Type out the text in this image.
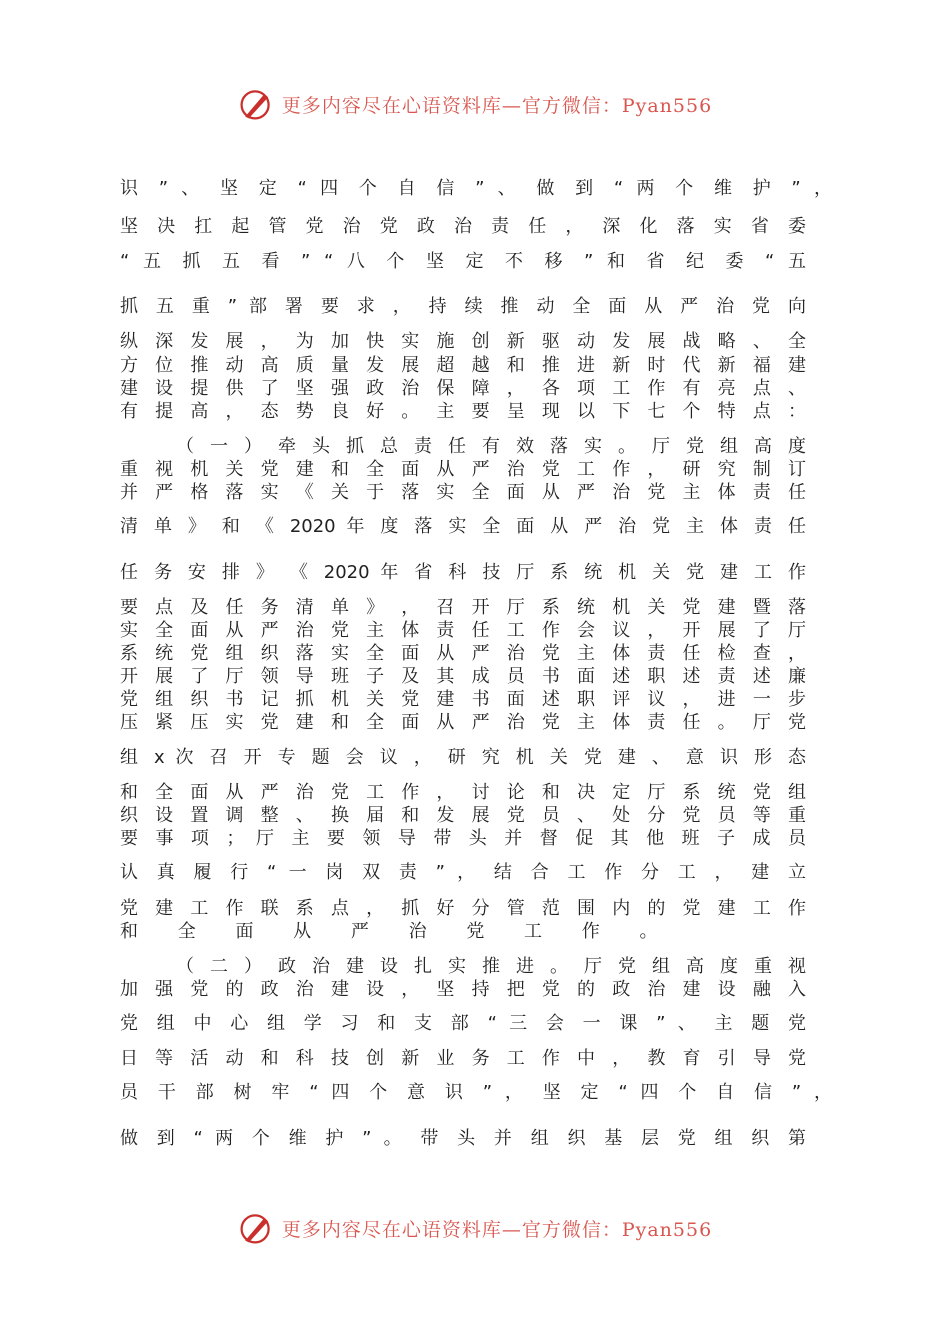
更多内容尽在心语资料库—官方微信：Pyan556
识 ” 、 坚 定 “ 四 个 自 信 ” 、 做 到 “ 两 个 维 护 ” ，
坚 决 扛 起 管 党 治 党 政 治 责 任 ， 深 化 落 实 省 委
“ 五 抓 五 看 ” “ 八 个 坚 定 不 移 ” 和 省 纪 委 “ 五
抓 五 重 ” 部 署 要 求 ， 持 续 推 动 全 面 从 严 治 党 向
纵 深 发 展 ， 为 加 快 实 施 创 新 驱 动 发 展 战 略 、 全
方 位 推 动 高 质 量 发 展 超 越 和 推 进 新 时 代 新 福 建
建 设 提 供 了 坚 强 政 治 保 障 ， 各 项 工 作 有 亮 点 、
有 提 高 ， 态 势 良 好 。 主 要 呈 现 以 下 七 个 特 点 ：
（ 一 ） 牵 头 抓 总 责 任 有 效 落 实 。 厅 党 组 高 度
重 视 机 关 党 建 和 全 面 从 严 治 党 工 作 ， 研 究 制 订
并 严 格 落 实 《 关 于 落 实 全 面 从 严 治 党 主 体 责 任
清 单 》 和 《 2020 年 度 落 实 全 面 从 严 治 党 主 体 责 任
任 务 安 排 》 《 2020 年 省 科 技 厅 系 统 机 关 党 建 工 作
要 点 及 任 务 清 单 》 ， 召 开 厅 系 统 机 关 党 建 暨 落
实 全 面 从 严 治 党 主 体 责 任 工 作 会 议 ， 开 展 了 厅
系 统 党 组 织 落 实 全 面 从 严 治 党 主 体 责 任 检 查 ，
开 展 了 厅 领 导 班 子 及 其 成 员 书 面 述 职 述 责 述 廉
党 组 织 书 记 抓 机 关 党 建 书 面 述 职 评 议 ， 进 一 步
压 紧 压 实 党 建 和 全 面 从 严 治 党 主 体 责 任 。 厅 党
组 x 次 召 开 专 题 会 议 ， 研 究 机 关 党 建 、 意 识 形 态
和 全 面 从 严 治 党 工 作 ， 讨 论 和 决 定 厅 系 统 党 组
织 设 置 调 整 、 换 届 和 发 展 党 员 、 处 分 党 员 等 重
要 事 项 ； 厅 主 要 领 导 带 头 并 督 促 其 他 班 子 成 员
认 真 履 行 “ 一 岗 双 责 ” ， 结 合 工 作 分 工 ， 建 立
党 建 工 作 联 系 点 ， 抓 好 分 管 范 围 内 的 党 建 工 作
和 全 面 从 严 治 党 工 作 。
（ 二 ） 政 治 建 设 扎 实 推 进 。 厅 党 组 高 度 重 视
加 强 党 的 政 治 建 设 ， 坚 持 把 党 的 政 治 建 设 融 入
党 组 中 心 组 学 习 和 支 部 “ 三 会 一 课 ” 、 主 题 党
日 等 活 动 和 科 技 创 新 业 务 工 作 中 ， 教 育 引 导 党
员 干 部 树 牢 “ 四 个 意 识 ” ， 坚 定 “ 四 个 自 信 ” ，
做 到 “ 两 个 维 护 ” 。 带 头 并 组 织 基 层 党 组 织 第
更多内容尽在心语资料库—官方微信：Pyan556
